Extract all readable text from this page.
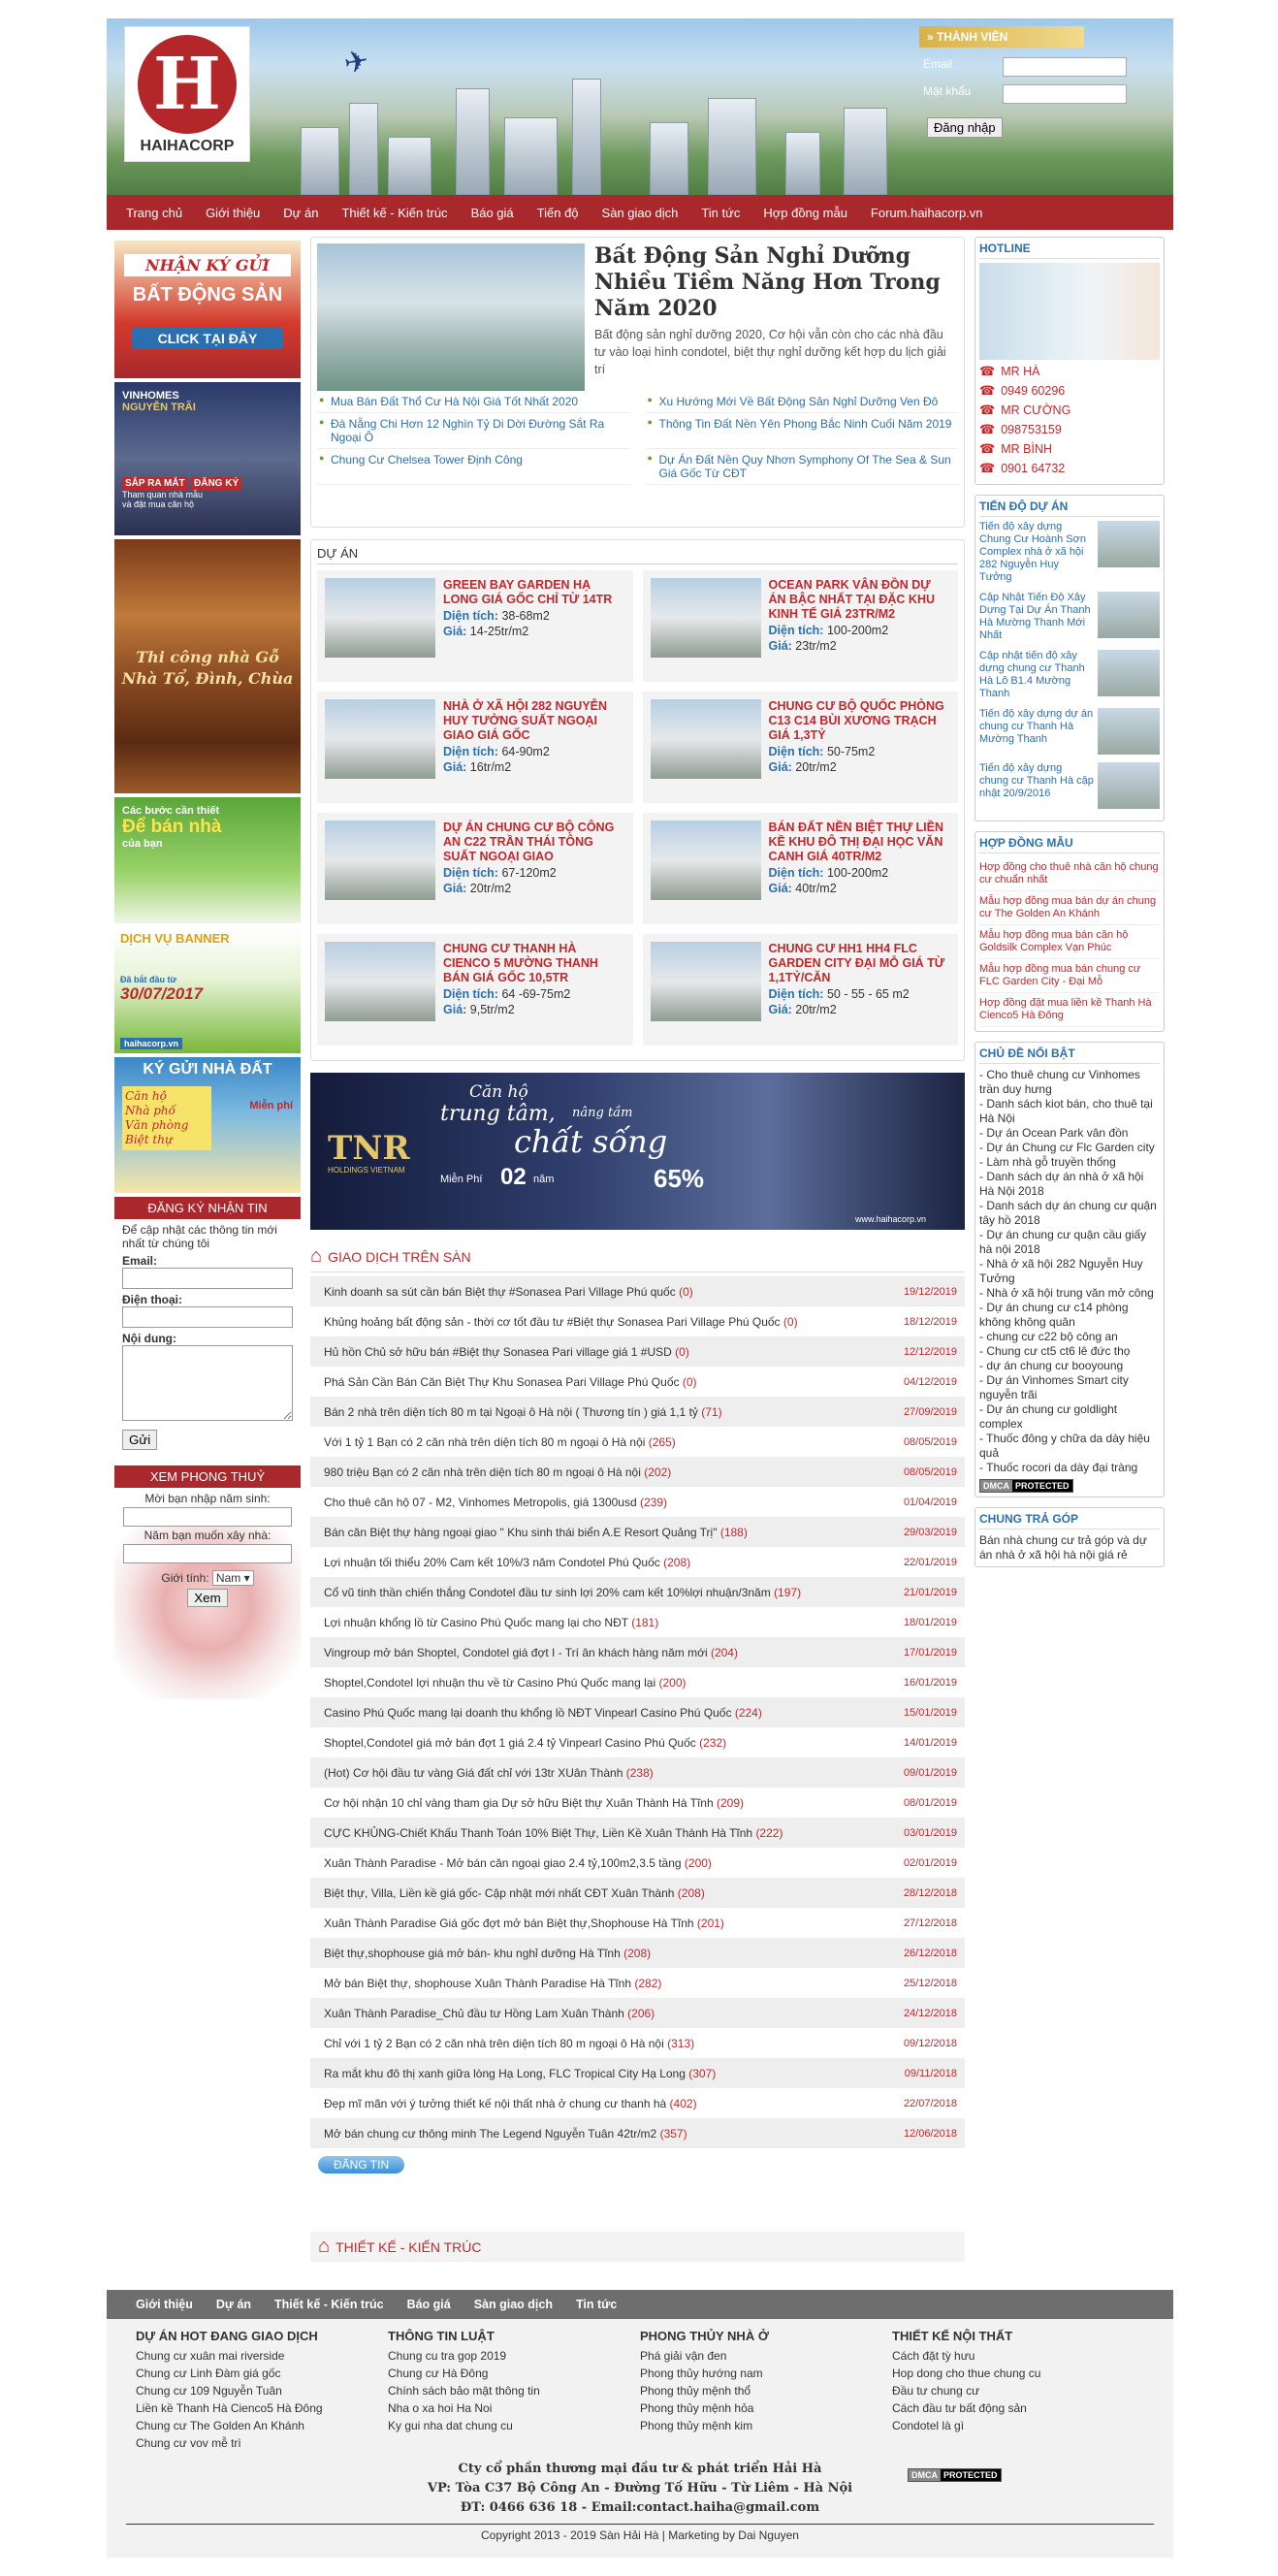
✈
H
HAIHACORP
» THÀNH VIÊN
Email
Mật khẩu
Đăng nhập
Trang chủ Giới thiệu Dự án Thiết kế - Kiến trúc Báo giá Tiến độ Sàn giao dịch Tin tức Hợp đồng mẫu Forum.haihacorp.vn
NHẬN KÝ GỬI
BẤT ĐỘNG SẢN
CLICK TẠI ĐÂY
VINHOMES
NGUYỄN TRÃI
SẮP RA MẮT ĐĂNG KÝ
Tham quan nhà mẫu và đặt mua căn hộ
Thi công nhà Gỗ
Nhà Tổ, Đình, Chùa
Các bước cần thiết
Để bán nhà
của bạn
DỊCH VỤ BANNER
Đã bắt đầu từ
30/07/2017
haihacorp.vn
KÝ GỬI NHÀ ĐẤT
Căn hộ
Nhà phố
Văn phòng
Biệt thự
Miễn phí
ĐĂNG KÝ NHẬN TIN
Để cập nhật các thông tin mới nhất từ chúng tôi
Email:
Điện thoại:
Nội dung:
Gửi
XEM PHONG THUỶ
Mời bạn nhập năm sinh:
Năm bạn muốn xây nhà:
Giới tính: Nam ▾
Xem
Bất Động Sản Nghỉ Dưỡng Nhiều Tiềm Năng Hơn Trong Năm 2020

Bất động sản nghỉ dưỡng 2020, Cơ hội vẫn còn cho các nhà đầu tư vào loại hình condotel, biệt thự nghỉ dưỡng kết hợp du lịch giải trí

● Mua Bán Đất Thổ Cư Hà Nội Giá Tốt Nhất 2020	● Xu Hướng Mới Về Bất Động Sản Nghỉ Dưỡng Ven Đô
● Đà Nẵng Chi Hơn 12 Nghìn Tỷ Di Dời Đường Sắt Ra Ngoại Ô
● Thông Tin Đất Nền Yên Phong Bắc Ninh Cuối Năm 2019
● Chung Cư Chelsea Tower Định Công	● Dự Án Đất Nền Quy Nhơn Symphony Of The Sea & Sun Giá Gốc Từ CĐT
DỰ ÁN
GREEN BAY GARDEN HẠ LONG GIÁ GỐC CHỈ TỪ 14TR
Diện tích: 38-68m2
Giá: 14-25tr/m2
OCEAN PARK VÂN ĐỒN DỰ ÁN BẬC NHẤT TẠI ĐẶC KHU KINH TẾ GIÁ 23TR/M2
Diện tích: 100-200m2
Giá: 23tr/m2
NHÀ Ở XÃ HỘI 282 NGUYỄN HUY TƯỞNG SUẤT NGOẠI GIAO GIÁ GỐC
Diện tích: 64-90m2
Giá: 16tr/m2
CHUNG CƯ BỘ QUỐC PHÒNG C13 C14 BÙI XƯƠNG TRẠCH GIÁ 1,3TỶ
Diện tích: 50-75m2
Giá: 20tr/m2
DỰ ÁN CHUNG CƯ BỘ CÔNG AN C22 TRẦN THÁI TÔNG SUẤT NGOẠI GIAO
Diện tích: 67-120m2
Giá: 20tr/m2
BÁN ĐẤT NỀN BIỆT THỰ LIỀN KỀ KHU ĐÔ THỊ ĐẠI HỌC VĂN CANH GIÁ 40TR/M2
Diện tích: 100-200m2
Giá: 40tr/m2
CHUNG CƯ THANH HÀ CIENCO 5 MƯỜNG THANH BÁN GIÁ GỐC 10,5TR
Diện tích: 64 -69-75m2
Giá: 9,5tr/m2
CHUNG CƯ HH1 HH4 FLC GARDEN CITY ĐẠI MỖ GIÁ TỪ 1,1TỶ/CĂN
Diện tích: 50 - 55 - 65 m2
Giá: 20tr/m2
TNR
HOLDINGS VIETNAM
Căn hộ
trung tâm, nâng tầm
chất sống
Miễn Phí 02 năm	65%
www.haihacorp.vn
⌂ GIAO DỊCH TRÊN SÀN
Kinh doanh sa sút cần bán Biệt thự #Sonasea Pari Village Phú quốc (0)	19/12/2019
Khủng hoảng bất động sản - thời cơ tốt đầu tư #Biệt thự Sonasea Pari Village Phú Quốc (0)	18/12/2019
Hủ hồn Chủ sở hữu bán #Biệt thự Sonasea Pari village giá 1 #USD (0)	12/12/2019
Phá Sản Cần Bán Căn Biệt Thự Khu Sonasea Pari Village Phú Quốc (0)	04/12/2019
Bán 2 nhà trên diện tích 80 m tại Ngoại ô Hà nội ( Thương tín ) giá 1,1 tỷ (71)	27/09/2019
Với 1 tỷ 1 Bạn có 2 căn nhà trên diện tích 80 m ngoại ô Hà nội (265)	08/05/2019
980 triệu Bạn có 2 căn nhà trên diện tích 80 m ngoại ô Hà nội (202)	08/05/2019
Cho thuê căn hộ 07 - M2, Vinhomes Metropolis, giá 1300usd (239)	01/04/2019
Bán căn Biệt thự hàng ngoại giao " Khu sinh thái biển A.E Resort Quảng Trị" (188)	29/03/2019
Lợi nhuận tối thiểu 20% Cam kết 10%/3 năm Condotel Phú Quốc (208)	22/01/2019
Cổ vũ tinh thần chiến thắng Condotel đầu tư sinh lợi 20% cam kết 10%lợi nhuận/3năm (197)	21/01/2019
Lợi nhuận khổng lồ từ Casino Phú Quốc mang lại cho NĐT (181)	18/01/2019
Vingroup mở bán Shoptel, Condotel giá đợt I - Trí ân khách hàng năm mới (204)	17/01/2019
Shoptel,Condotel lợi nhuận thu về từ Casino Phú Quốc mang lại (200)	16/01/2019
Casino Phú Quốc mang lại doanh thu khổng lồ NĐT Vinpearl Casino Phú Quốc (224)	15/01/2019
Shoptel,Condotel giá mở bán đợt 1 giá 2.4 tỷ Vinpearl Casino Phú Quốc (232)	14/01/2019
(Hot) Cơ hội đầu tư vàng Giá đất chỉ với 13tr XUân Thành (238)	09/01/2019
Cơ hội nhận 10 chỉ vàng tham gia Dự sở hữu Biệt thự Xuân Thành Hà Tĩnh (209)	08/01/2019
CỰC KHỦNG-Chiết Khấu Thanh Toán 10% Biệt Thự, Liền Kề Xuân Thành Hà Tĩnh (222)	03/01/2019
Xuân Thành Paradise - Mở bán căn ngoại giao 2.4 tỷ,100m2,3.5 tầng (200)	02/01/2019
Biệt thự, Villa, Liền kề giá gốc- Cập nhật mới nhất CĐT Xuân Thành (208)	28/12/2018
Xuân Thành Paradise Giá gốc đợt mở bán Biệt thự,Shophouse Hà Tĩnh (201)	27/12/2018
Biệt thự,shophouse giá mở bán- khu nghỉ dưỡng Hà Tĩnh (208)	26/12/2018
Mở bán Biệt thự, shophouse Xuân Thành Paradise Hà Tĩnh (282)	25/12/2018
Xuân Thành Paradise_Chủ đầu tư Hồng Lam Xuân Thành (206)	24/12/2018
Chỉ với 1 tỷ 2 Bạn có 2 căn nhà trên diện tích 80 m ngoại ô Hà nội (313)	09/12/2018
Ra mắt khu đô thị xanh giữa lòng Hạ Long, FLC Tropical City Hạ Long (307)	09/11/2018
Đẹp mĩ mãn với ý tưởng thiết kế nội thất nhà ở chung cư thanh hà (402)	22/07/2018
Mở bán chung cư thông minh The Legend Nguyễn Tuân 42tr/m2 (357)	12/06/2018
ĐĂNG TIN
⌂ THIẾT KẾ - KIẾN TRÚC
HOTLINE
☎ MR HÀ
☎ 0949 60296
☎ MR CƯỜNG
☎ 098753159
☎ MR BÌNH
☎ 0901 64732
TIẾN ĐỘ DỰ ÁN
Tiến độ xây dựng Chung Cư Hoành Sơn Complex nhà ở xã hội 282 Nguyễn Huy Tưởng
Cập Nhật Tiến Độ Xây Dựng Tại Dự Án Thanh Hà Mường Thanh Mới Nhất
Cập nhật tiến độ xây dựng chung cư Thanh Hà Lô B1.4 Mường Thanh
Tiến độ xây dựng dự án chung cư Thanh Hà Mường Thanh
Tiến độ xây dựng chung cư Thanh Hà cập nhật 20/9/2016
HỢP ĐỒNG MẪU
Hợp đồng cho thuê nhà căn hộ chung cư chuẩn nhất
Mẫu hợp đồng mua bán dự án chung cư The Golden An Khánh
Mẫu hợp đồng mua bán căn hộ Goldsilk Complex Vạn Phúc
Mẫu hợp đồng mua bán chung cư FLC Garden City - Đại Mỗ
Hợp đồng đặt mua liền kề Thanh Hà Cienco5 Hà Đông
CHỦ ĐỀ NỔI BẬT
- Cho thuê chung cư Vinhomes trần duy hưng
- Danh sách kiot bán, cho thuê tại Hà Nội
- Dự án Ocean Park vân đồn
- Dự án Chung cư Flc Garden city
- Làm nhà gỗ truyền thống
- Danh sách dự án nhà ở xã hội Hà Nội 2018
- Danh sách dự án chung cư quận tây hồ 2018
- Dự án chung cư quận cầu giấy hà nội 2018
- Nhà ở xã hội 282 Nguyễn Huy Tưởng
- Nhà ở xã hội trung văn mở công
- Dự án chung cư c14 phòng không không quân
- chung cư c22 bộ công an
- Chung cư ct5 ct6 lê đức thọ
- dự án chung cư booyoung
- Dự án Vinhomes Smart city nguyễn trãi
- Dự án chung cư goldlight complex
- Thuốc đông y chữa da dày hiệu quả
- Thuốc rocori da dày đại tràng
DMCA PROTECTED
CHUNG TRẢ GÓP
Bán nhà chung cư trả góp và dự án nhà ở xã hội hà nội giá rẻ
Giới thiệu Dự án Thiết kế - Kiến trúc Báo giá Sàn giao dịch Tin tức
DỰ ÁN HOT ĐANG GIAO DỊCH
Chung cư xuân mai riverside
Chung cư Linh Đàm giá gốc
Chung cư 109 Nguyễn Tuân
Liền kề Thanh Hà Cienco5 Hà Đông
Chung cư The Golden An Khánh
Chung cư vov mễ trì
THÔNG TIN LUẬT
Chung cu tra gop 2019
Chung cư Hà Đông
Chính sách bảo mật thông tin
Nha o xa hoi Ha Noi
Ky gui nha dat chung cu
PHONG THỦY NHÀ Ở
Phá giải vận đen
Phong thủy hướng nam
Phong thủy mệnh thổ
Phong thủy mệnh hỏa
Phong thủy mệnh kim
THIẾT KẾ NỘI THẤT
Cách đặt tỳ hưu
Hop dong cho thue chung cu
Đầu tư chung cư
Cách đầu tư bất động sản
Condotel là gì
Cty cổ phần thương mại đầu tư & phát triển Hải Hà
VP: Tòa C37 Bộ Công An - Đường Tố Hữu - Từ Liêm - Hà Nội
ĐT: 0466 636 18 - Email:contact.haiha@gmail.com
DMCA PROTECTED
Copyright 2013 - 2019 Sàn Hải Hà | Marketing by Dai Nguyen
